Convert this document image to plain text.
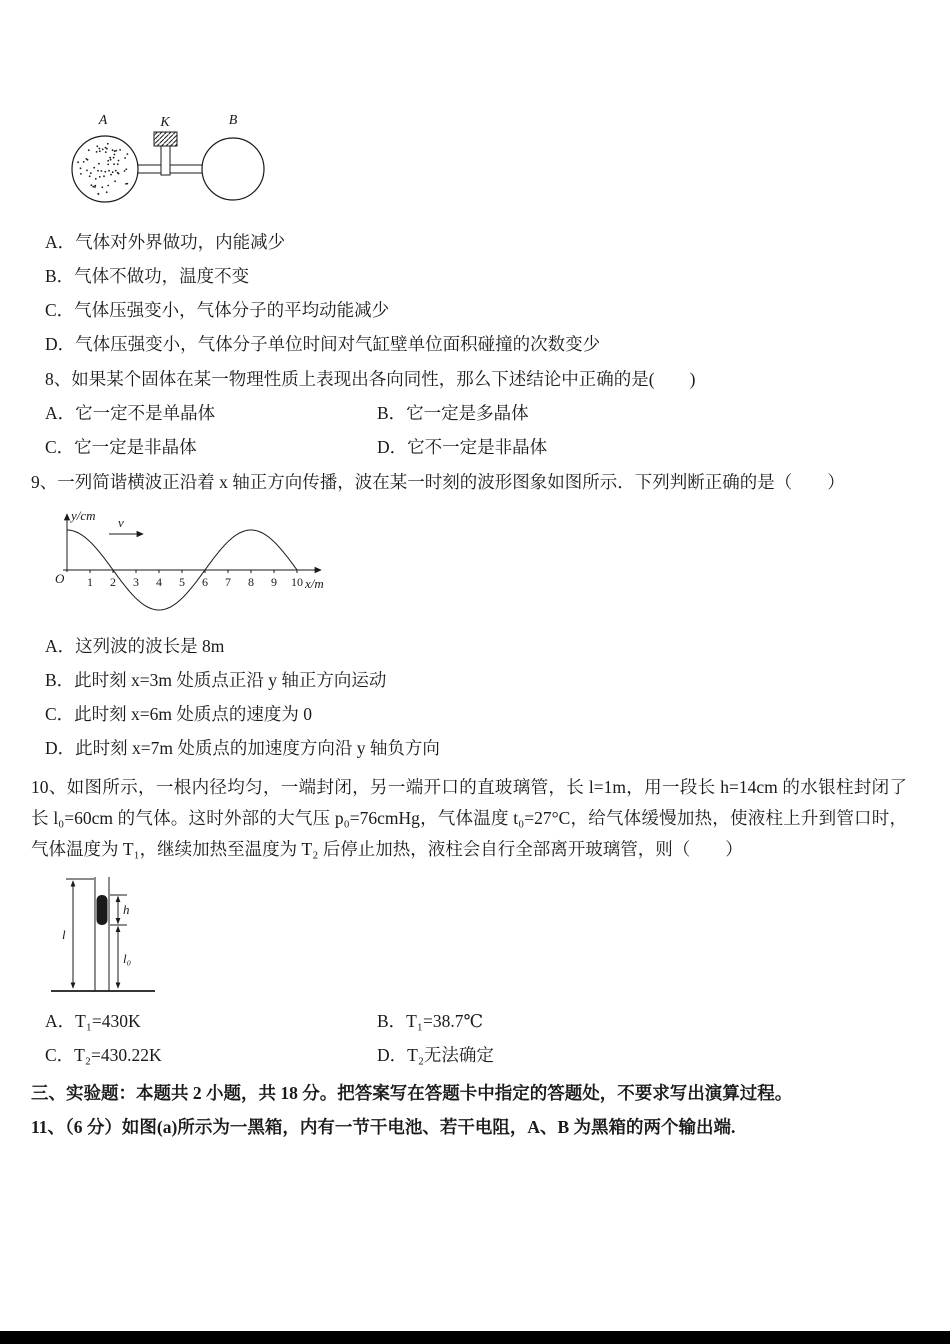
A	K	B
A．气体对外界做功，内能减少
B．气体不做功，温度不变
C．气体压强变小，气体分子的平均动能减少
D．气体压强变小，气体分子单位时间对气缸壁单位面积碰撞的次数变少
8、如果某个固体在某一物理性质上表现出各向同性，那么下述结论中正确的是(　　)
A．它一定不是单晶体	B．它一定是多晶体
C．它一定是非晶体	D．它不一定是非晶体
9、一列简谐横波正沿着 x 轴正方向传播，波在某一时刻的波形图象如图所示．下列判断正确的是（　　）
v
y/cm
x/m
O 1 2 3 4 5 6 7 8 9 10
A．这列波的波长是 8m
B．此时刻 x=3m 处质点正沿 y 轴正方向运动
C．此时刻 x=6m 处质点的速度为 0
D．此时刻 x=7m 处质点的加速度方向沿 y 轴负方向

10、如图所示，一根内径均匀，一端封闭，另一端开口的直玻璃管，长 l=1m，用一段长 h=14cm 的水银柱封闭了长 l₀=60cm 的气体。这时外部的大气压 p₀=76cmHg，气体温度 t₀=27°C，给气体缓慢加热，使液柱上升到管口时，气体温度为 T₁，继续加热至温度为 T₂ 后停止加热，液柱会自行全部离开玻璃管，则（　　）

l
h
l₀
A．T₁=430K	B．T₁=38.7℃
C．T₂=430.22K	D．T₂无法确定
三、实验题：本题共 2 小题，共 18 分。把答案写在答题卡中指定的答题处，不要求写出演算过程。
11、（6 分）如图(a)所示为一黑箱，内有一节干电池、若干电阻，A、B 为黑箱的两个输出端.
